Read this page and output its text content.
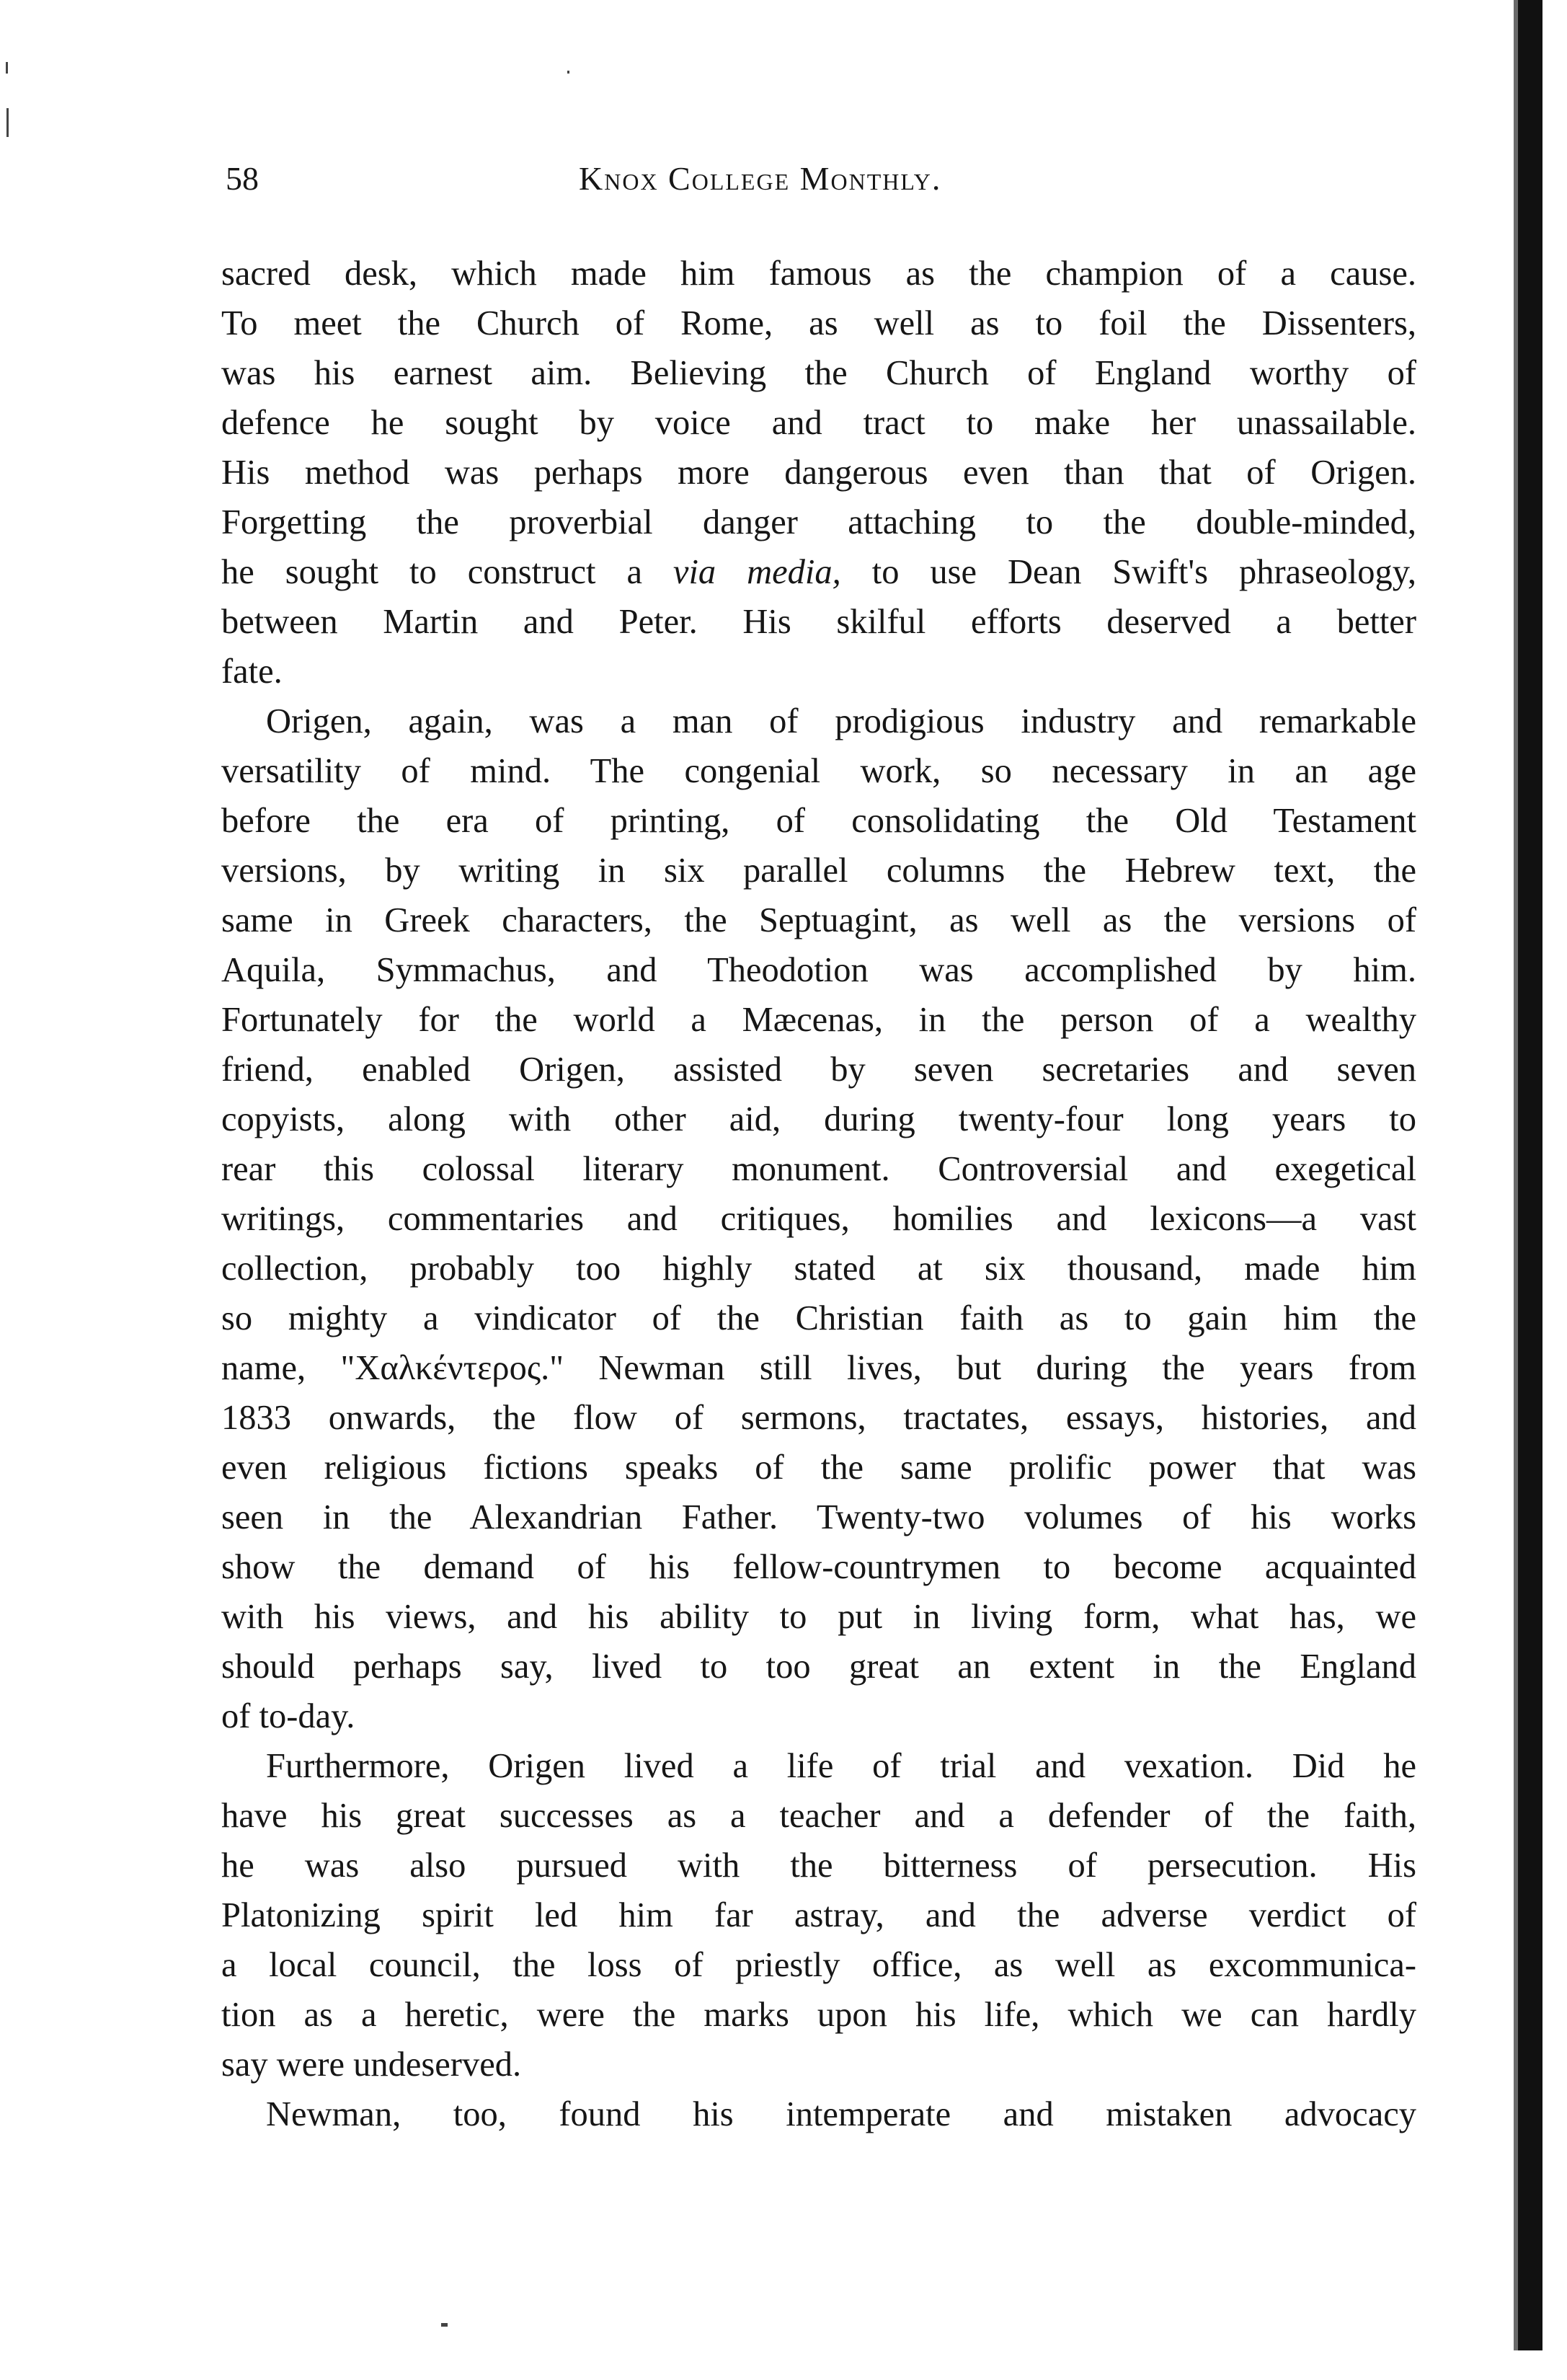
58	Knox College Monthly.
sacred desk, which made him famous as the champion of a cause.
To meet the Church of Rome, as well as to foil the Dissenters,
was his earnest aim. Believing the Church of England worthy of
defence he sought by voice and tract to make her unassailable.
His method was perhaps more dangerous even than that of Origen.
Forgetting the proverbial danger attaching to the double-minded,
he sought to construct a via media, to use Dean Swift's phraseology,
between Martin and Peter. His skilful efforts deserved a better
fate.
Origen, again, was a man of prodigious industry and remarkable
versatility of mind. The congenial work, so necessary in an age
before the era of printing, of consolidating the Old Testament
versions, by writing in six parallel columns the Hebrew text, the
same in Greek characters, the Septuagint, as well as the versions of
Aquila, Symmachus, and Theodotion was accomplished by him.
Fortunately for the world a Mæcenas, in the person of a wealthy
friend, enabled Origen, assisted by seven secretaries and seven
copyists, along with other aid, during twenty-four long years to
rear this colossal literary monument. Controversial and exegetical
writings, commentaries and critiques, homilies and lexicons—a vast
collection, probably too highly stated at six thousand, made him
so mighty a vindicator of the Christian faith as to gain him the
name, "Χαλκέντερος." Newman still lives, but during the years from
1833 onwards, the flow of sermons, tractates, essays, histories, and
even religious fictions speaks of the same prolific power that was
seen in the Alexandrian Father. Twenty-two volumes of his works
show the demand of his fellow-countrymen to become acquainted
with his views, and his ability to put in living form, what has, we
should perhaps say, lived to too great an extent in the England
of to-day.
Furthermore, Origen lived a life of trial and vexation. Did he
have his great successes as a teacher and a defender of the faith,
he was also pursued with the bitterness of persecution. His
Platonizing spirit led him far astray, and the adverse verdict of
a local council, the loss of priestly office, as well as excommunica-
tion as a heretic, were the marks upon his life, which we can hardly
say were undeserved.
Newman, too, found his intemperate and mistaken advocacy
